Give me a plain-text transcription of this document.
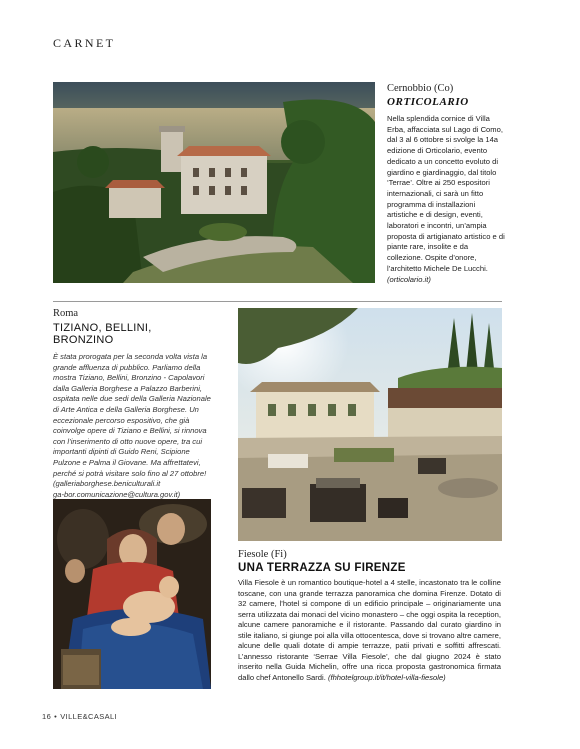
CARNET
Cernobbio (Co)
ORTICOLARIO
Nella splendida cornice di Villa Erba, affacciata sul Lago di Como, dal 3 al 6 ottobre si svolge la 14a edizione di Orticolario, evento dedicato a un concetto evoluto di giardino e giardinaggio, dal titolo ‘Terrae’. Oltre ai 250 espositori internazionali, ci sarà un fitto programma di installazioni artistiche e di design, eventi, laboratori e incontri, un’ampia proposta di artigianato artistico e di piante rare, insolite e da collezione. Ospite d’onore, l’architetto Michele De Lucchi. (orticolario.it)
Roma
TIZIANO, BELLINI, BRONZINO
È stata prorogata per la seconda volta vista la grande affluenza di pubblico. Parliamo della mostra Tiziano, Bellini, Bronzino - Capolavori dalla Galleria Borghese a Palazzo Barberini, ospitata nelle due sedi della Galleria Nazionale di Arte Antica e della Galleria Borghese. Un eccezionale percorso espositivo, che già coinvolge opere di Tiziano e Bellini, si rinnova con l’inserimento di otto nuove opere, tra cui importanti dipinti di Guido Reni, Scipione Pulzone e Palma il Giovane. Ma affrettatevi, perché si potrà visitare solo fino al 27 ottobre!
(galleriaborghese.beniculturali.it
ga-bor.comunicazione@cultura.gov.it)
Fiesole (Fi)
UNA TERRAZZA SU FIRENZE
Villa Fiesole è un romantico boutique-hotel a 4 stelle, incastonato tra le colline toscane, con una grande terrazza panoramica che domina Firenze. Dotato di 32 camere, l’hotel si compone di un edificio principale – originariamente una serra utilizzata dai monaci del vicino monastero – che oggi ospita la reception, alcune camere panoramiche e il ristorante. Passando dal curato giardino in stile italiano, si giunge poi alla villa ottocentesca, dove si trovano altre camere, alcune delle quali dotate di ampie terrazze, patii privati e soffitti affrescati. L’annesso ristorante ‘Serrae Villa Fiesole’, che dal giugno 2024 è stato inserito nella Guida Michelin, offre una ricca proposta gastronomica firmata dallo chef Antonello Sardi. (fhhotelgroup.it/it/hotel-villa-fiesole)
16 • VILLE&CASALI
